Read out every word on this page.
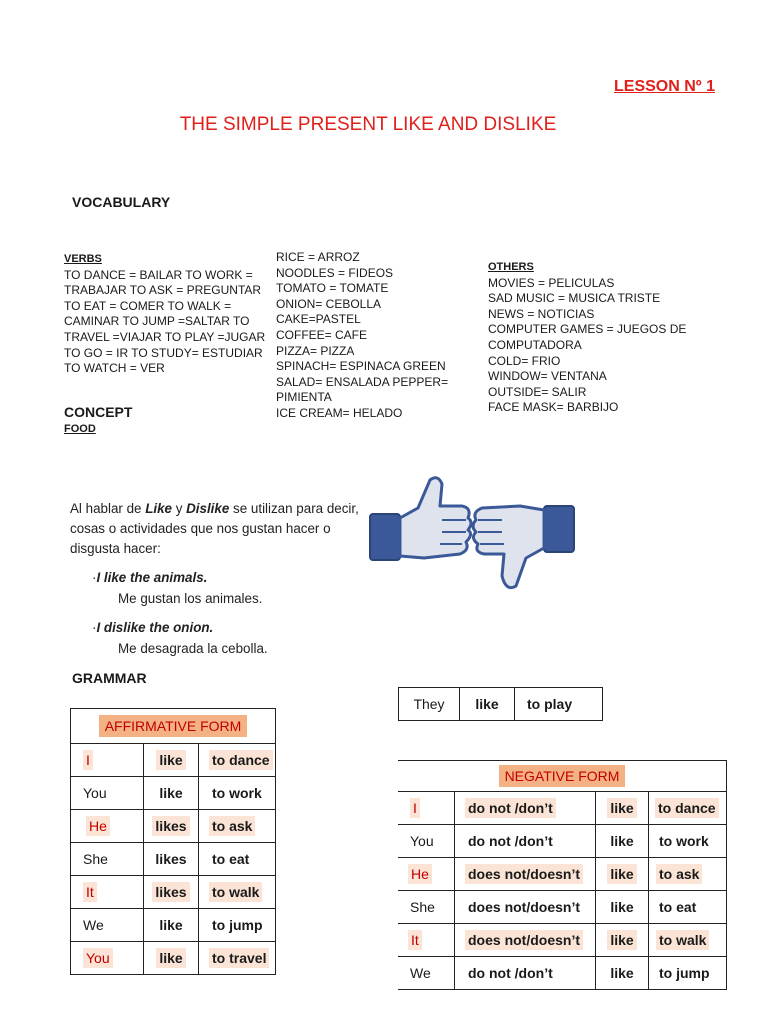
LESSON Nº 1
THE SIMPLE PRESENT LIKE AND DISLIKE
VOCABULARY
VERBS
TO DANCE = BAILAR TO WORK = TRABAJAR TO ASK = PREGUNTAR TO EAT = COMER TO WALK = CAMINAR TO JUMP =SALTAR TO TRAVEL =VIAJAR TO PLAY =JUGAR TO GO = IR TO STUDY= ESTUDIAR TO WATCH = VER
RICE = ARROZ
NOODLES = FIDEOS
TOMATO = TOMATE
ONION= CEBOLLA
CAKE=PASTEL
COFFEE= CAFE
PIZZA= PIZZA
SPINACH= ESPINACA GREEN
SALAD= ENSALADA PEPPER=
PIMIENTA
ICE CREAM= HELADO
OTHERS
MOVIES = PELICULAS
SAD MUSIC = MUSICA TRISTE
NEWS = NOTICIAS
COMPUTER GAMES = JUEGOS DE
COMPUTADORA
COLD= FRIO
WINDOW= VENTANA
OUTSIDE= SALIR
FACE MASK= BARBIJO
CONCEPT
FOOD
Al hablar de Like y Dislike se utilizan para decir, cosas o actividades que nos gustan hacer o disgusta hacer:
·I like the animals.
Me gustan los animales.
·I dislike the onion.
Me desagrada la cebolla.
GRAMMAR
They	like	to play
AFFIRMATIVE FORM		
I	like	to dance
You	like	to work
He	likes	to ask
She	likes	to eat
It	likes	to walk
We	like	to jump
You	like	to travel
NEGATIVE FORM			
I	do not /don’t	like	to dance
You	do not /don’t	like	to work
He	does not/doesn’t	like	to ask
She	does not/doesn’t	like	to eat
It	does not/doesn’t	like	to walk
We	do not /don’t	like	to jump
